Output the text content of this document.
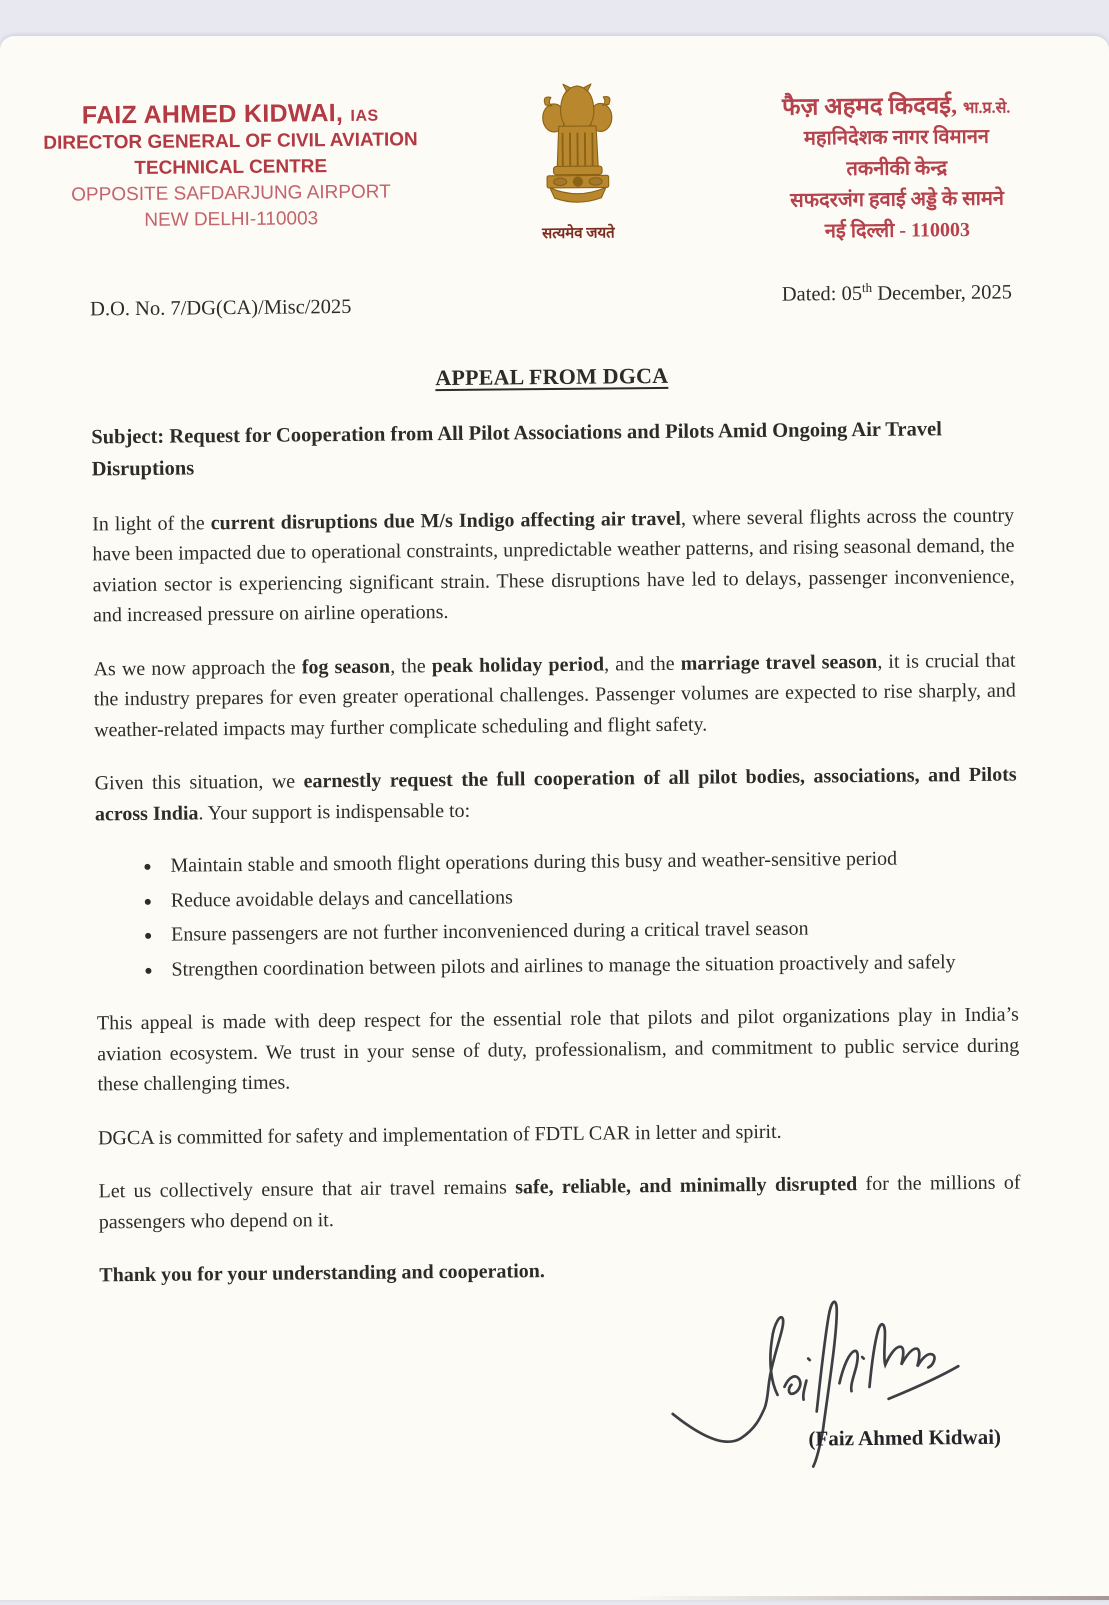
FAIZ AHMED KIDWAI, IAS
DIRECTOR GENERAL OF CIVIL AVIATION
TECHNICAL CENTRE
OPPOSITE SAFDARJUNG AIRPORT
NEW DELHI-110003
सत्यमेव जयते
फैज़ अहमद किदवई, भा.प्र.से.
महानिदेशक नागर विमानन
तकनीकी केन्द्र
सफदरजंग हवाई अड्डे के सामने
नई दिल्ली - 110003
D.O. No. 7/DG(CA)/Misc/2025
Dated: 05th December, 2025
APPEAL FROM DGCA

Subject: Request for Cooperation from All Pilot Associations and Pilots Amid Ongoing Air Travel Disruptions

In light of the current disruptions due M/s Indigo affecting air travel, where several flights across the country have been impacted due to operational constraints, unpredictable weather patterns, and rising seasonal demand, the aviation sector is experiencing significant strain. These disruptions have led to delays, passenger inconvenience, and increased pressure on airline operations.

As we now approach the fog season, the peak holiday period, and the marriage travel season, it is crucial that the industry prepares for even greater operational challenges. Passenger volumes are expected to rise sharply, and weather-related impacts may further complicate scheduling and flight safety.

Given this situation, we earnestly request the full cooperation of all pilot bodies, associations, and Pilots across India. Your support is indispensable to:

Maintain stable and smooth flight operations during this busy and weather-sensitive period
Reduce avoidable delays and cancellations
Ensure passengers are not further inconvenienced during a critical travel season
Strengthen coordination between pilots and airlines to manage the situation proactively and safely

This appeal is made with deep respect for the essential role that pilots and pilot organizations play in India’s aviation ecosystem. We trust in your sense of duty, professionalism, and commitment to public service during these challenging times.

DGCA is committed for safety and implementation of FDTL CAR in letter and spirit.

Let us collectively ensure that air travel remains safe, reliable, and minimally disrupted for the millions of passengers who depend on it.

Thank you for your understanding and cooperation.

(Faiz Ahmed Kidwai)
